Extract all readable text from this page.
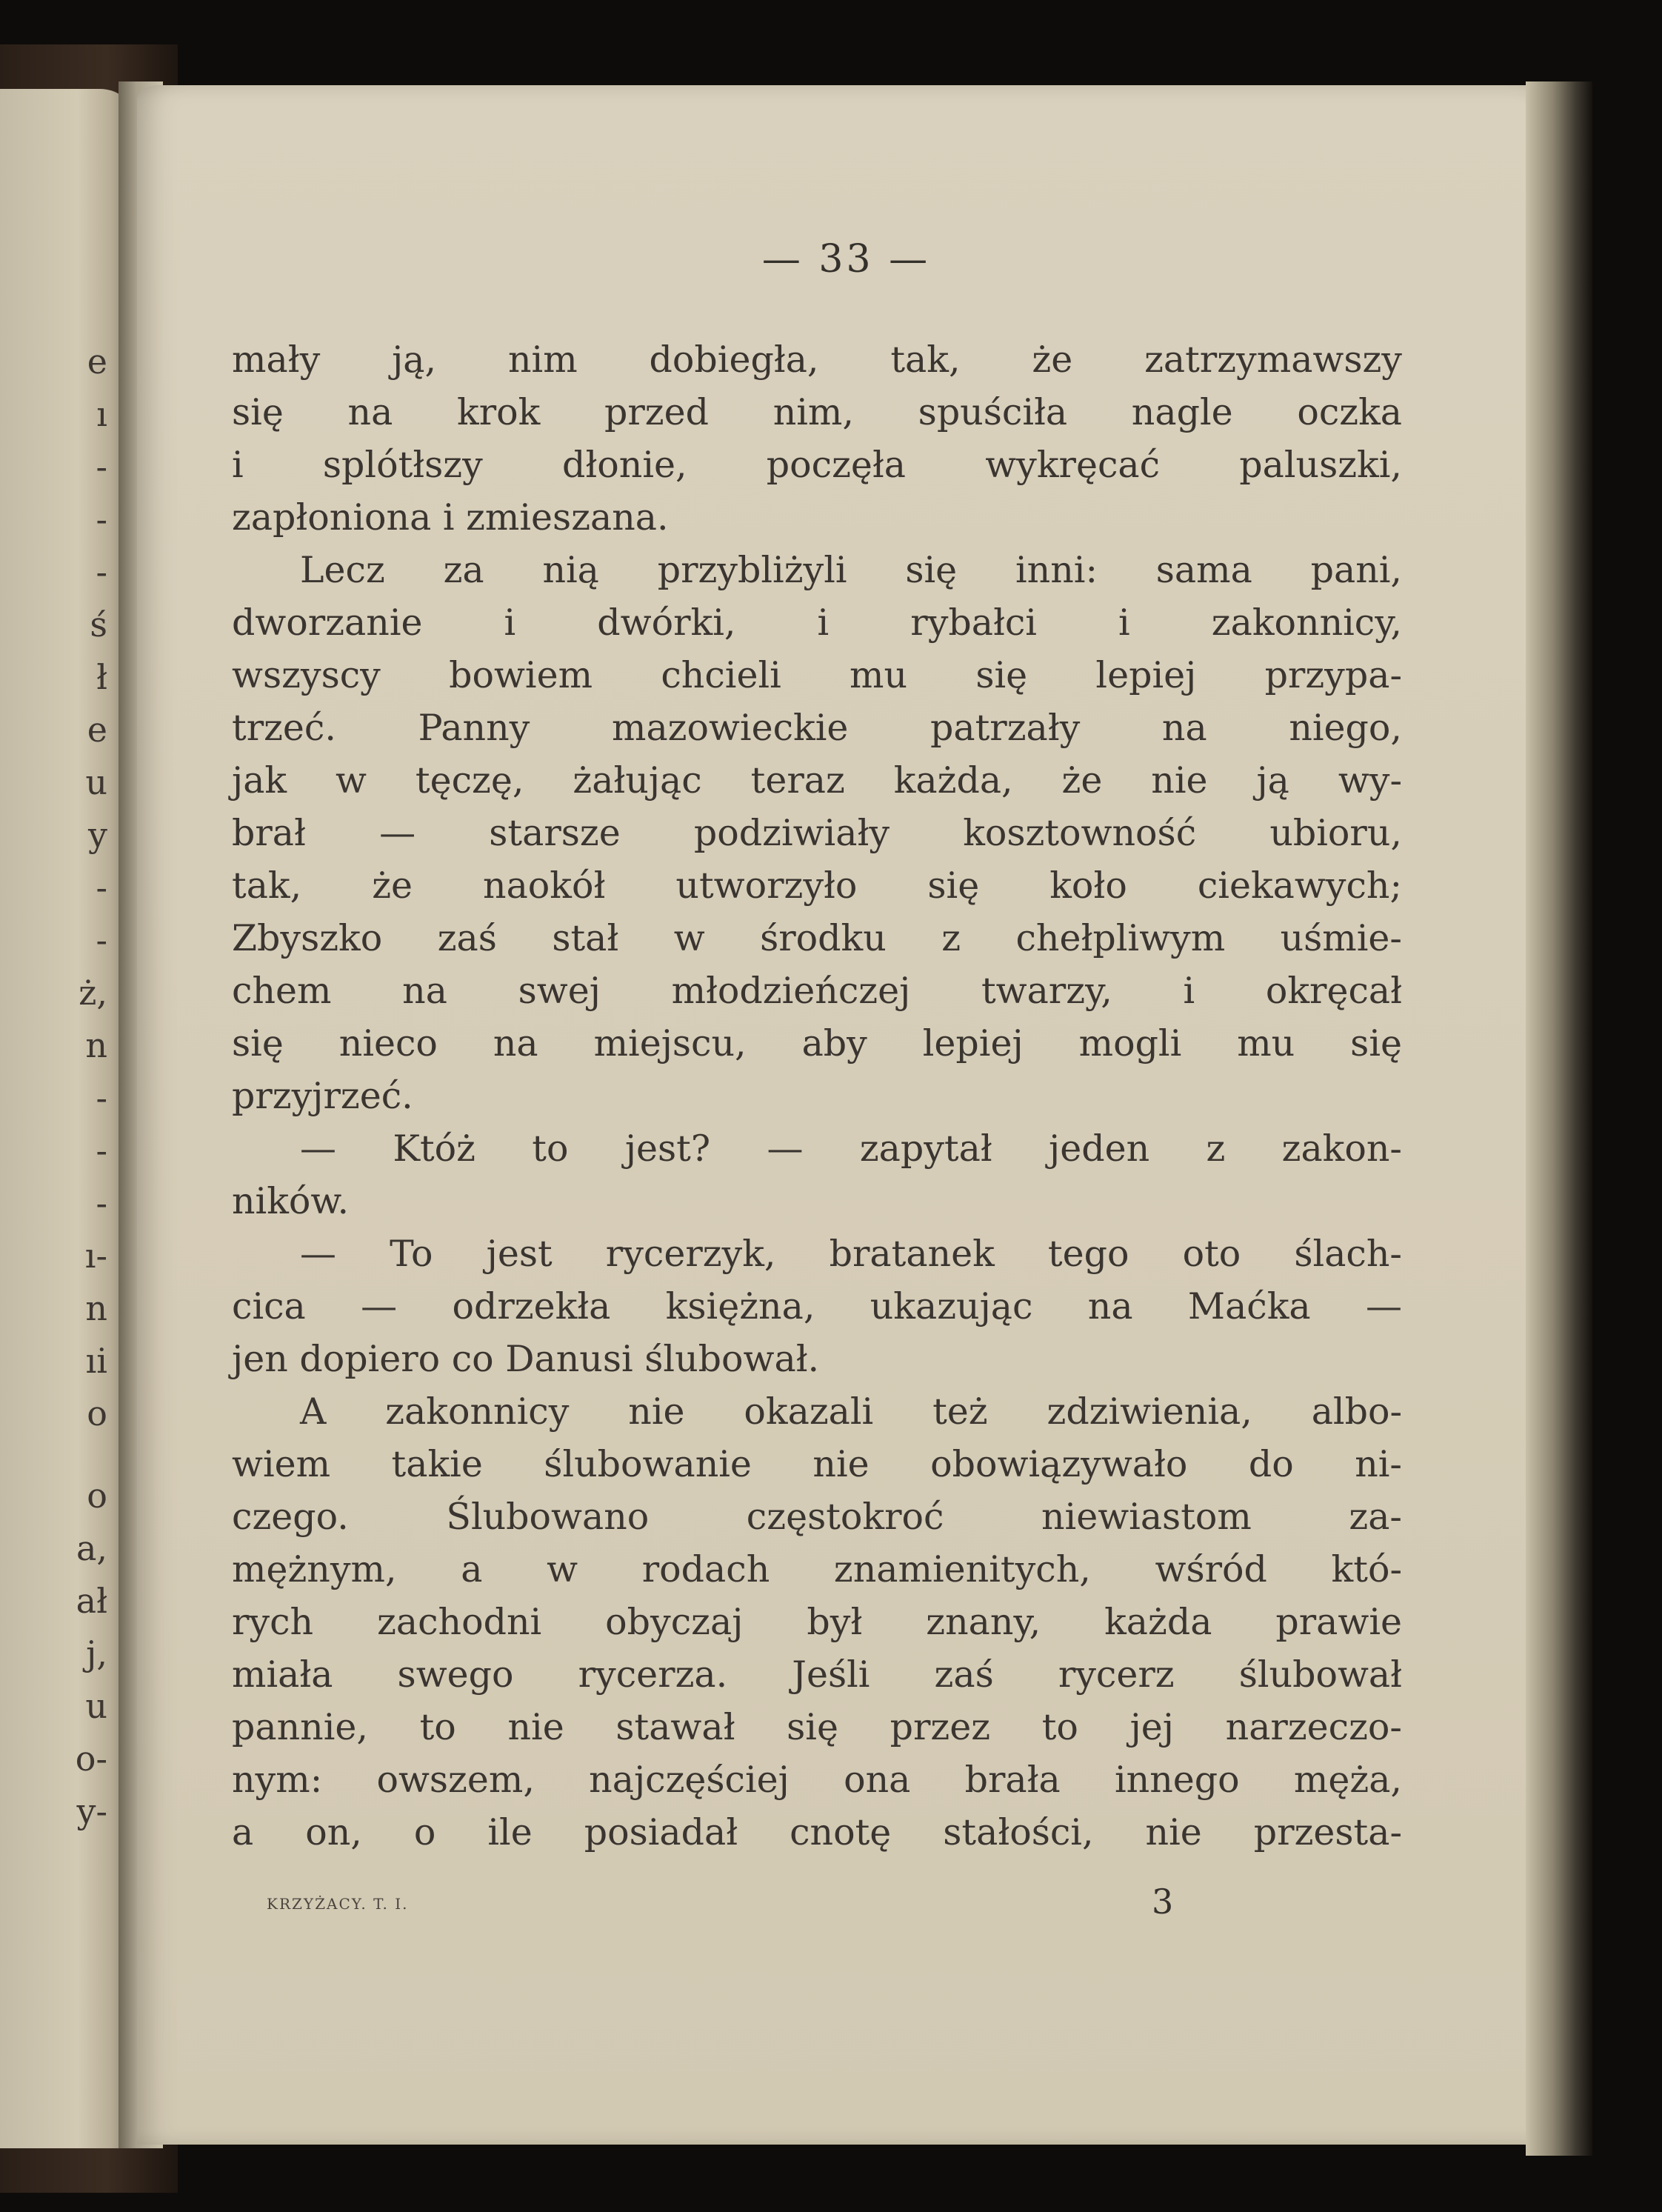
e
ı
-
-
-
ś
ł
e
u
y
-
-
ż,
n
-
-
-
ı-
n
ıi
o
o
a,
ał
j,
u
o-
y-
— 33 —
mały ją, nim dobiegła, tak, że zatrzymawszy
się na krok przed nim, spuściła nagle oczka
i splótłszy dłonie, poczęła wykręcać paluszki,
zapłoniona i zmieszana.
Lecz za nią przybliżyli się inni: sama pani,
dworzanie i dwórki, i rybałci i zakonnicy,
wszyscy bowiem chcieli mu się lepiej przypa-
trzeć. Panny mazowieckie patrzały na niego,
jak w tęczę, żałując teraz każda, że nie ją wy-
brał — starsze podziwiały kosztowność ubioru,
tak, że naokół utworzyło się koło ciekawych;
Zbyszko zaś stał w środku z chełpliwym uśmie-
chem na swej młodzieńczej twarzy, i okręcał
się nieco na miejscu, aby lepiej mogli mu się
przyjrzeć.
— Któż to jest? — zapytał jeden z zakon-
ników.
— To jest rycerzyk, bratanek tego oto ślach-
cica — odrzekła księżna, ukazując na Maćka —
jen dopiero co Danusi ślubował.
A zakonnicy nie okazali też zdziwienia, albo-
wiem takie ślubowanie nie obowiązywało do ni-
czego. Ślubowano częstokroć niewiastom za-
mężnym, a w rodach znamienitych, wśród któ-
rych zachodni obyczaj był znany, każda prawie
miała swego rycerza. Jeśli zaś rycerz ślubował
pannie, to nie stawał się przez to jej narzeczo-
nym: owszem, najczęściej ona brała innego męża,
a on, o ile posiadał cnotę stałości, nie przesta-
KRZYŻACY. T. I.	3
